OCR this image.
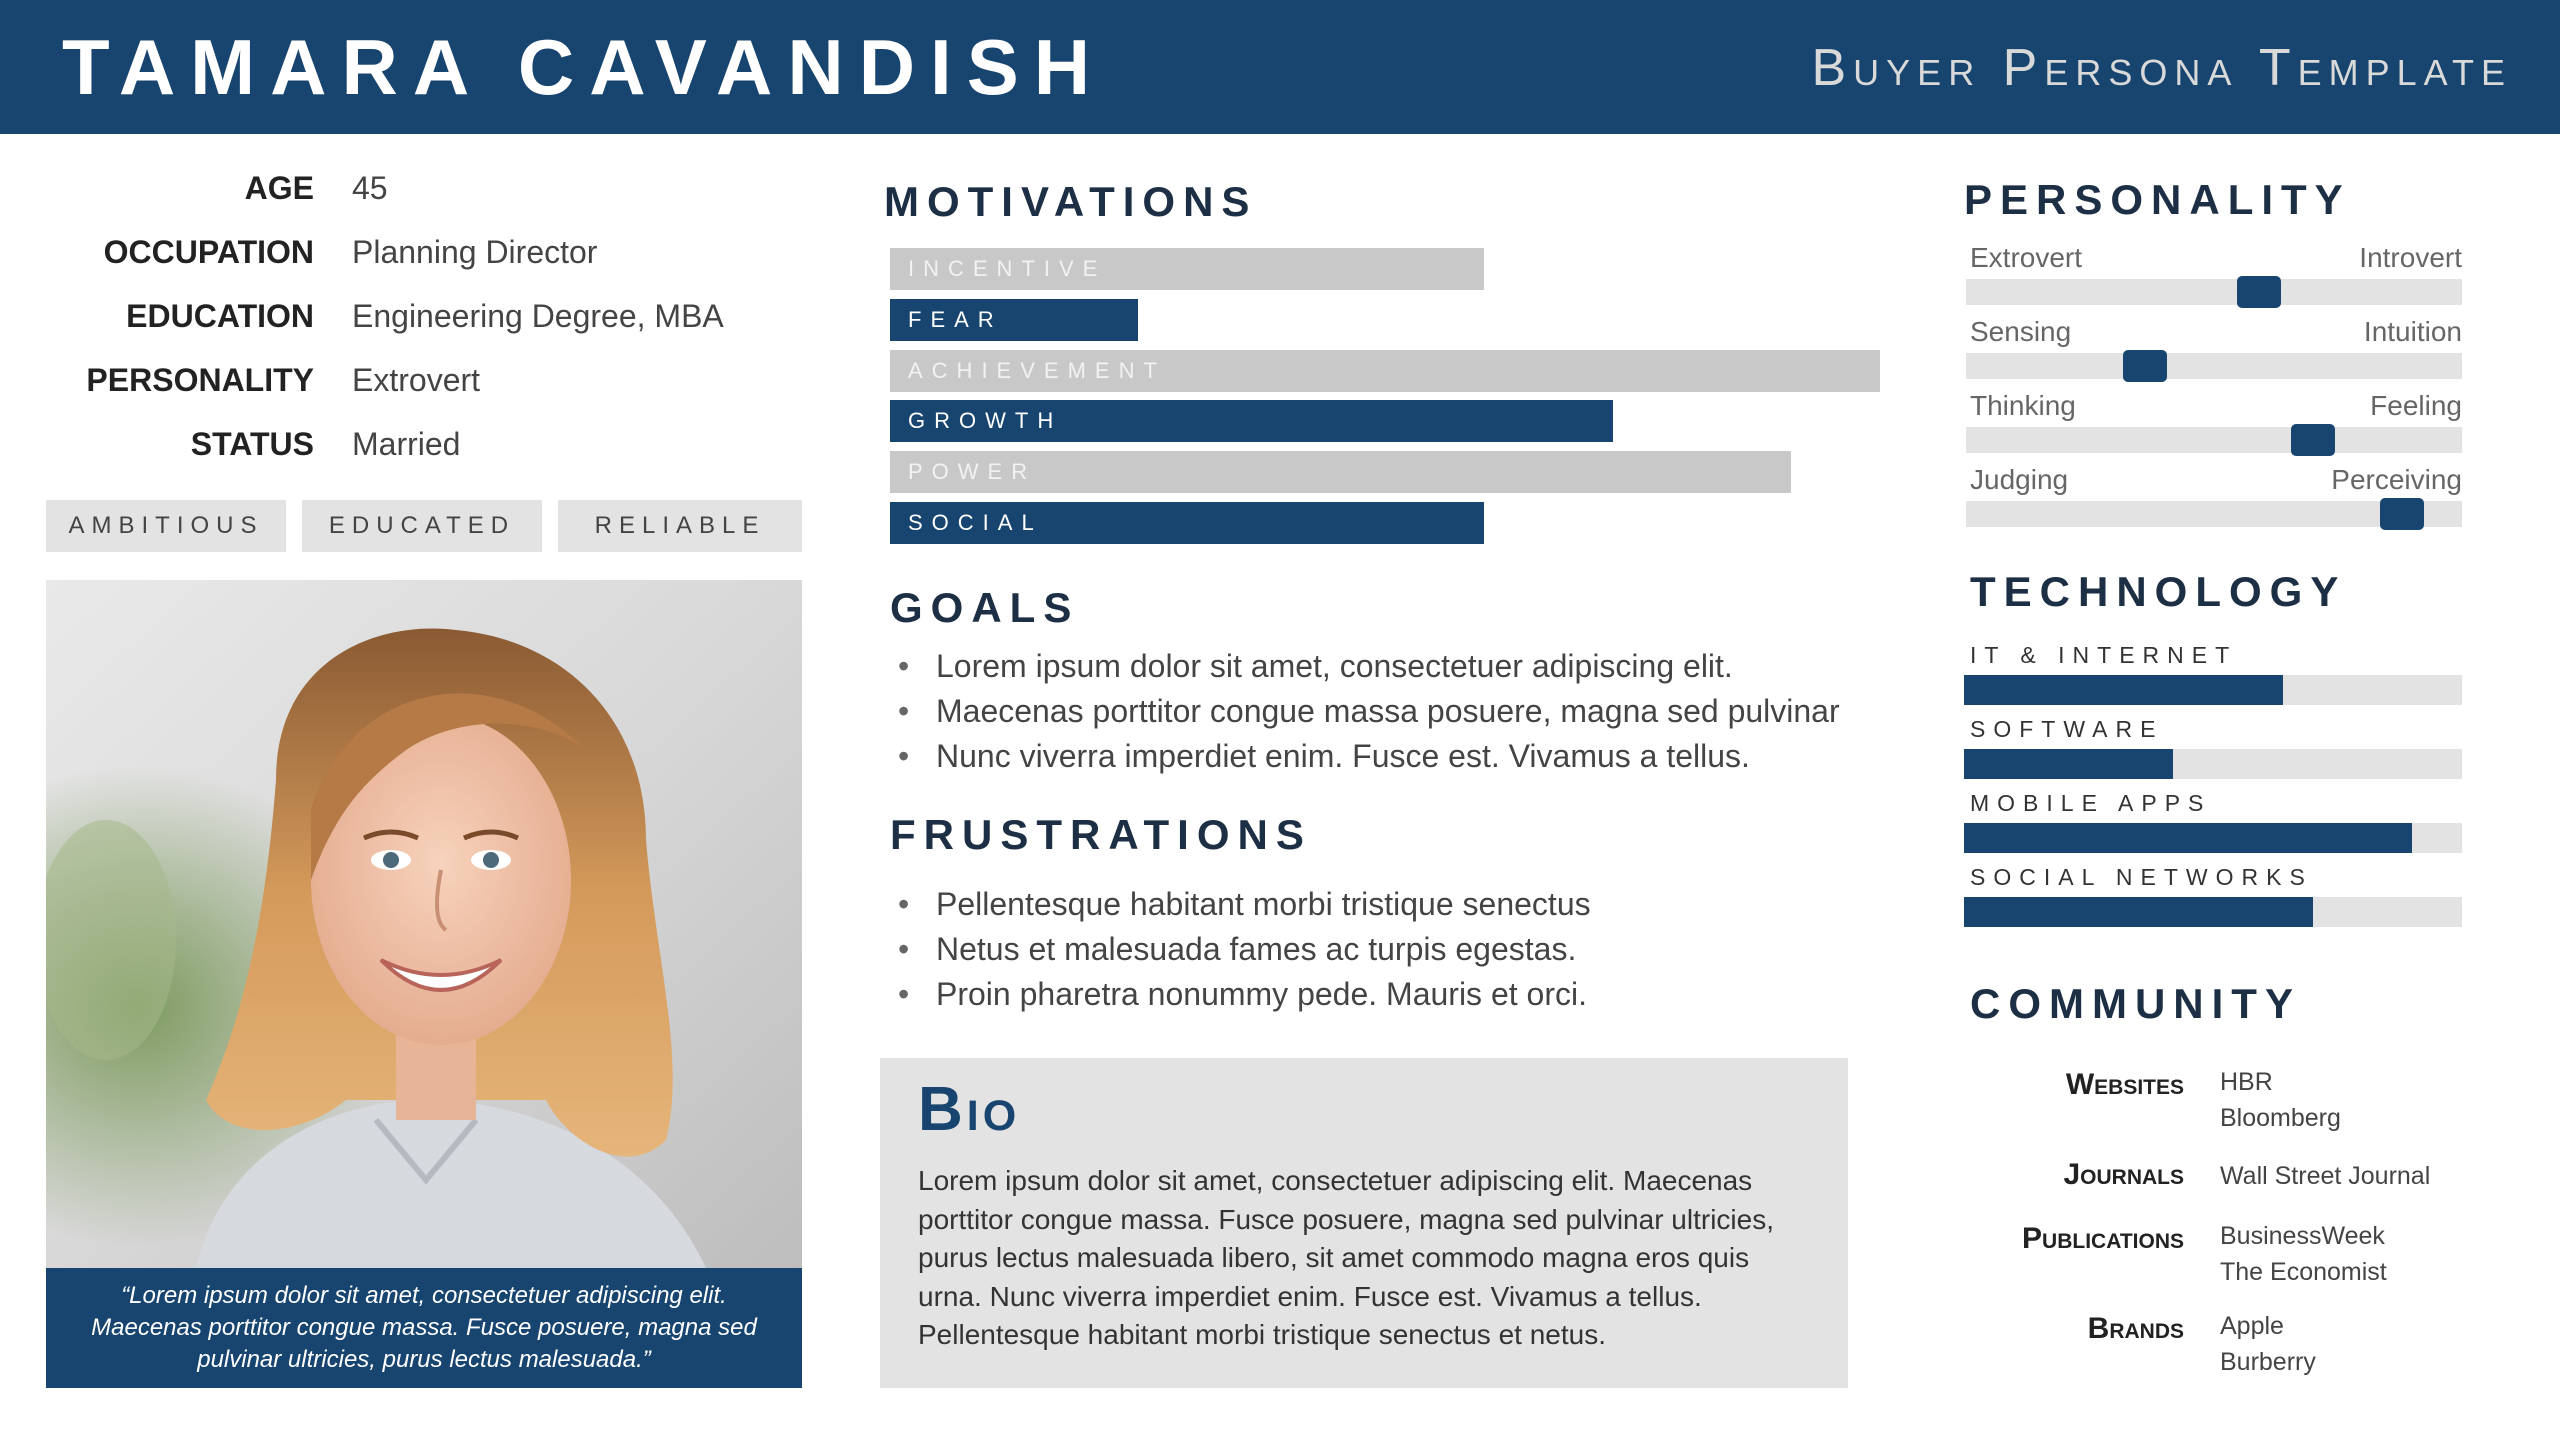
TAMARA CAVANDISH	Buyer Persona Template
AGE 45
OCCUPATION Planning Director
EDUCATION Engineering Degree, MBA
PERSONALITY Extrovert
STATUS Married
AMBITIOUS	EDUCATED	RELIABLE
“Lorem ipsum dolor sit amet, consectetuer adipiscing elit. Maecenas porttitor congue massa. Fusce posuere, magna sed pulvinar ultricies, purus lectus malesuada.”
MOTIVATIONS
INCENTIVE
FEAR
ACHIEVEMENT
GROWTH
POWER
SOCIAL
GOALS
• Lorem ipsum dolor sit amet, consectetuer adipiscing elit.
• Maecenas porttitor congue massa posuere, magna sed pulvinar
• Nunc viverra imperdiet enim. Fusce est. Vivamus a tellus.
FRUSTRATIONS
• Pellentesque habitant morbi tristique senectus
• Netus et malesuada fames ac turpis egestas.
• Proin pharetra nonummy pede. Mauris et orci.
Bio
Lorem ipsum dolor sit amet, consectetuer adipiscing elit. Maecenas porttitor congue massa. Fusce posuere, magna sed pulvinar ultricies, purus lectus malesuada libero, sit amet commodo magna eros quis urna. Nunc viverra imperdiet enim. Fusce est. Vivamus a tellus. Pellentesque habitant morbi tristique senectus et netus.
PERSONALITY
Extrovert	Introvert
Sensing	Intuition
Thinking	Feeling
Judging	Perceiving
TECHNOLOGY
IT & INTERNET
SOFTWARE
MOBILE APPS
SOCIAL NETWORKS
COMMUNITY
Websites HBR
Bloomberg
Journals Wall Street Journal
Publications BusinessWeek
The Economist
Brands Apple
Burberry
